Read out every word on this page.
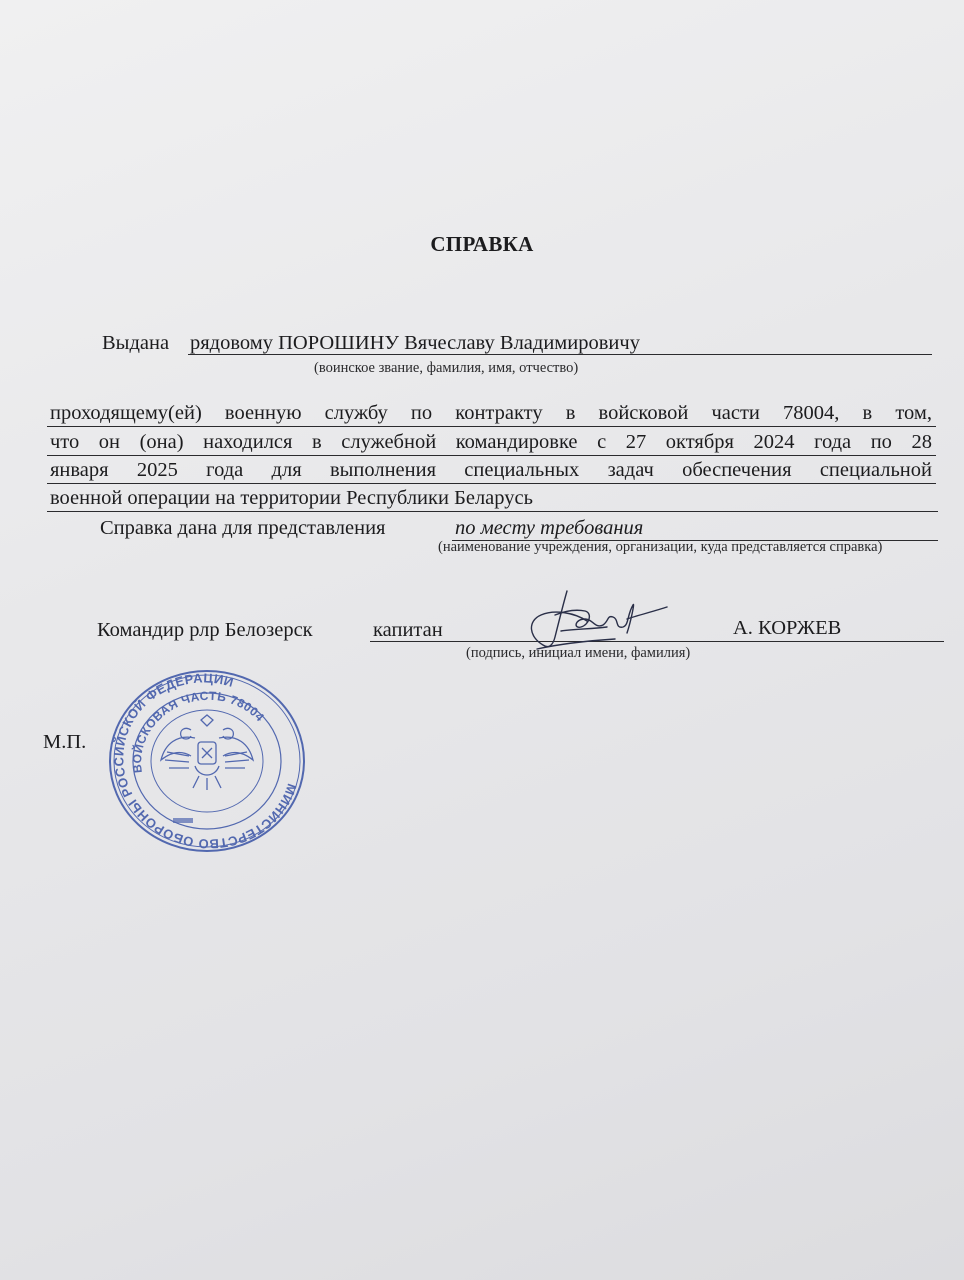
СПРАВКА
Выдана рядовому ПОРОШИНУ Вячеславу Владимировичу
(воинское звание, фамилия, имя, отчество)
проходящему(ей) военную службу по контракту в войсковой части 78004, в том,
что он (она) находился в служебной командировке с 27 октября 2024 года по 28
января 2025 года для выполнения специальных задач обеспечения специальной
военной операции на территории Республики Беларусь
Справка дана для представления	по месту требования
(наименование учреждения, организации, куда представляется справка)
Командир рлр Белозерск	капитан	А. КОРЖЕВ
(подпись, инициал имени, фамилия)
М.П.
МИНИСТЕРСТВО ОБОРОНЫ РОССИЙСКОЙ ФЕДЕРАЦИИ
ВОЙСКОВАЯ ЧАСТЬ 78004
